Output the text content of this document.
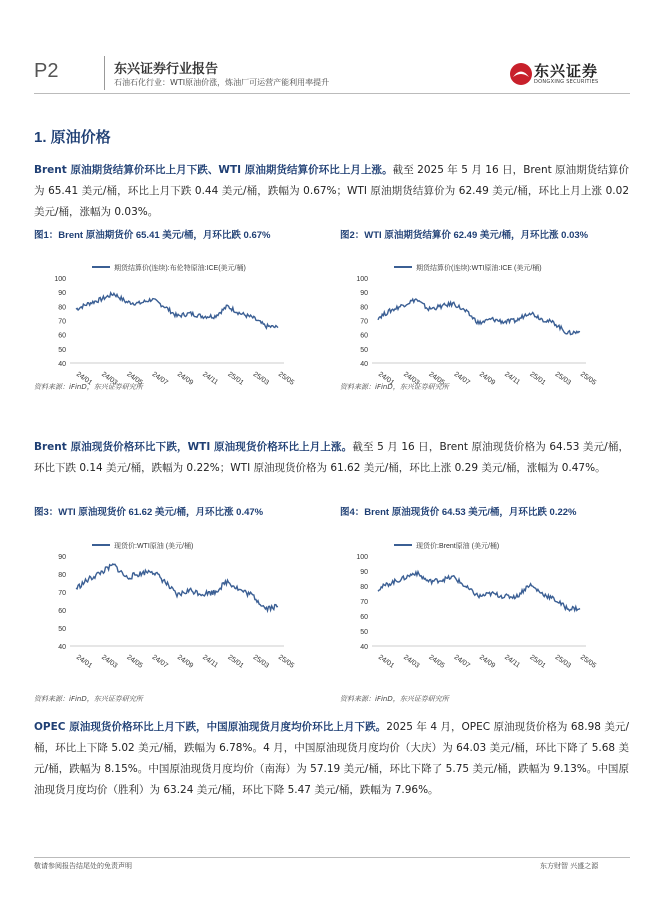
P2	东兴证券行业报告
石油石化行业：WTI原油价涨，炼油厂可运营产能利用率提升
东兴证券
DONGXING SECURITIES
1. 原油价格
Brent 原油期货结算价环比上月下跌、WTI 原油期货结算价环比上月上涨。截至 2025 年 5 月 16 日，Brent 原油期货结算价为 65.41 美元/桶，环比上月下跌 0.44 美元/桶，跌幅为 0.67%；WTI 原油期货结算价为 62.49 美元/桶，环比上月上涨 0.02 美元/桶，涨幅为 0.03%。
图1：Brent 原油期货价 65.41 美元/桶，月环比跌 0.67%	图2：WTI 原油期货结算价 62.49 美元/桶，月环比涨 0.03%
40
50
60
70
80
90
100
24/01 24/03 24/05 24/07 24/09 24/11 25/01 25/03 25/05
期货结算价(连续):布伦特原油:ICE(美元/桶)
40
50
60
70
80
90
100
24/01 24/03 24/05 24/07 24/09 24/11 25/01 25/03 25/05
期货结算价(连续):WTI原油:ICE (美元/桶)
资料来源：iFinD，东兴证券研究所	资料来源：iFinD，东兴证券研究所
Brent 原油现货价格环比下跌，WTI 原油现货价格环比上月上涨。截至 5 月 16 日，Brent 原油现货价格为 64.53 美元/桶，环比下跌 0.14 美元/桶，跌幅为 0.22%；WTI 原油现货价格为 61.62 美元/桶，环比上涨 0.29 美元/桶，涨幅为 0.47%。
图3：WTI 原油现货价 61.62 美元/桶，月环比涨 0.47%	图4：Brent 原油现货价 64.53 美元/桶，月环比跌 0.22%
40
50
60
70
80
90
24/01 24/03 24/05 24/07 24/09 24/11 25/01 25/03 25/05
现货价:WTI原油 (美元/桶)
40
50
60
70
80
90
100
24/01 24/03 24/05 24/07 24/09 24/11 25/01 25/03 25/05
现货价:Brent原油 (美元/桶)
资料来源：iFinD，东兴证券研究所	资料来源：iFinD，东兴证券研究所
OPEC 原油现货价格环比上月下跌，中国原油现货月度均价环比上月下跌。2025 年 4 月，OPEC 原油现货价格为 68.98 美元/桶，环比上下降 5.02 美元/桶，跌幅为 6.78%。4 月，中国原油现货月度均价（大庆）为 64.03 美元/桶，环比下降了 5.68 美元/桶，跌幅为 8.15%。中国原油现货月度均价（南海）为 57.19 美元/桶，环比下降了 5.75 美元/桶，跌幅为 9.13%。中国原油现货月度均价（胜利）为 63.24 美元/桶，环比下降 5.47 美元/桶，跌幅为 7.96%。
敬请参阅报告结尾处的免责声明	东方财智 兴盛之源
